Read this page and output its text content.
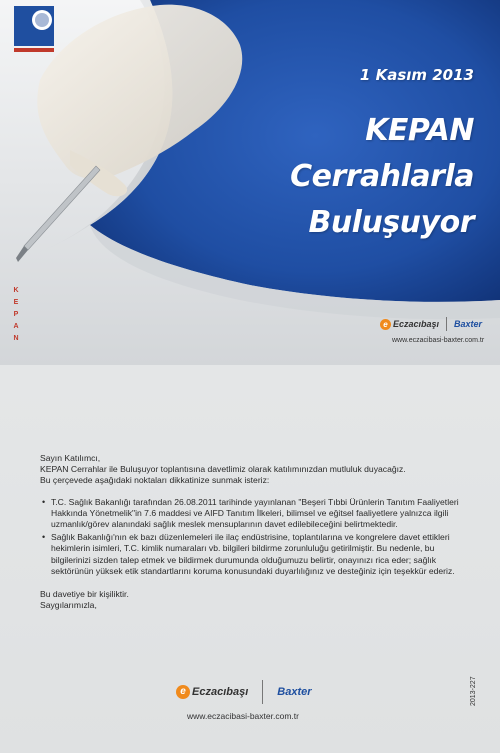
1 Kasım 2013
KEPAN
Cerrahlarla
Buluşuyor
K
E
P
A
N
e Eczacıbaşı Baxter
www.eczacibasi-baxter.com.tr

Sayın Katılımcı,

KEPAN Cerrahlar ile Buluşuyor toplantısına davetlimiz olarak katılımınızdan mutluluk duyacağız.

Bu çerçevede aşağıdaki noktaları dikkatinize sunmak isteriz:

• T.C. Sağlık Bakanlığı tarafından 26.08.2011 tarihinde yayınlanan "Beşeri Tıbbi Ürünlerin Tanıtım Faaliyetleri Hakkında Yönetmelik"in 7.6 maddesi ve AIFD Tanıtım İlkeleri, bilimsel ve eğitsel faaliyetlere yalnızca ilgili uzmanlık/görev alanındaki sağlık meslek mensuplarının davet edilebileceğini belirtmektedir.
• Sağlık Bakanlığı'nın ek bazı düzenlemeleri ile ilaç endüstrisine, toplantılarına ve kongrelere davet ettikleri hekimlerin isimleri, T.C. kimlik numaraları vb. bilgileri bildirme zorunluluğu getirilmiştir. Bu nedenle, bu bilgilerinizi sizden talep etmek ve bildirmek durumunda olduğumuzu belirtir, onayınızı rica eder; sağlık sektörünün yüksek etik standartlarını koruma konusundaki duyarlılığınız ve desteğiniz için teşekkür ederiz.

Bu davetiye bir kişiliktir.

Saygılarımızla,

e Eczacıbaşı	Baxter
www.eczacibasi-baxter.com.tr
2013-227
